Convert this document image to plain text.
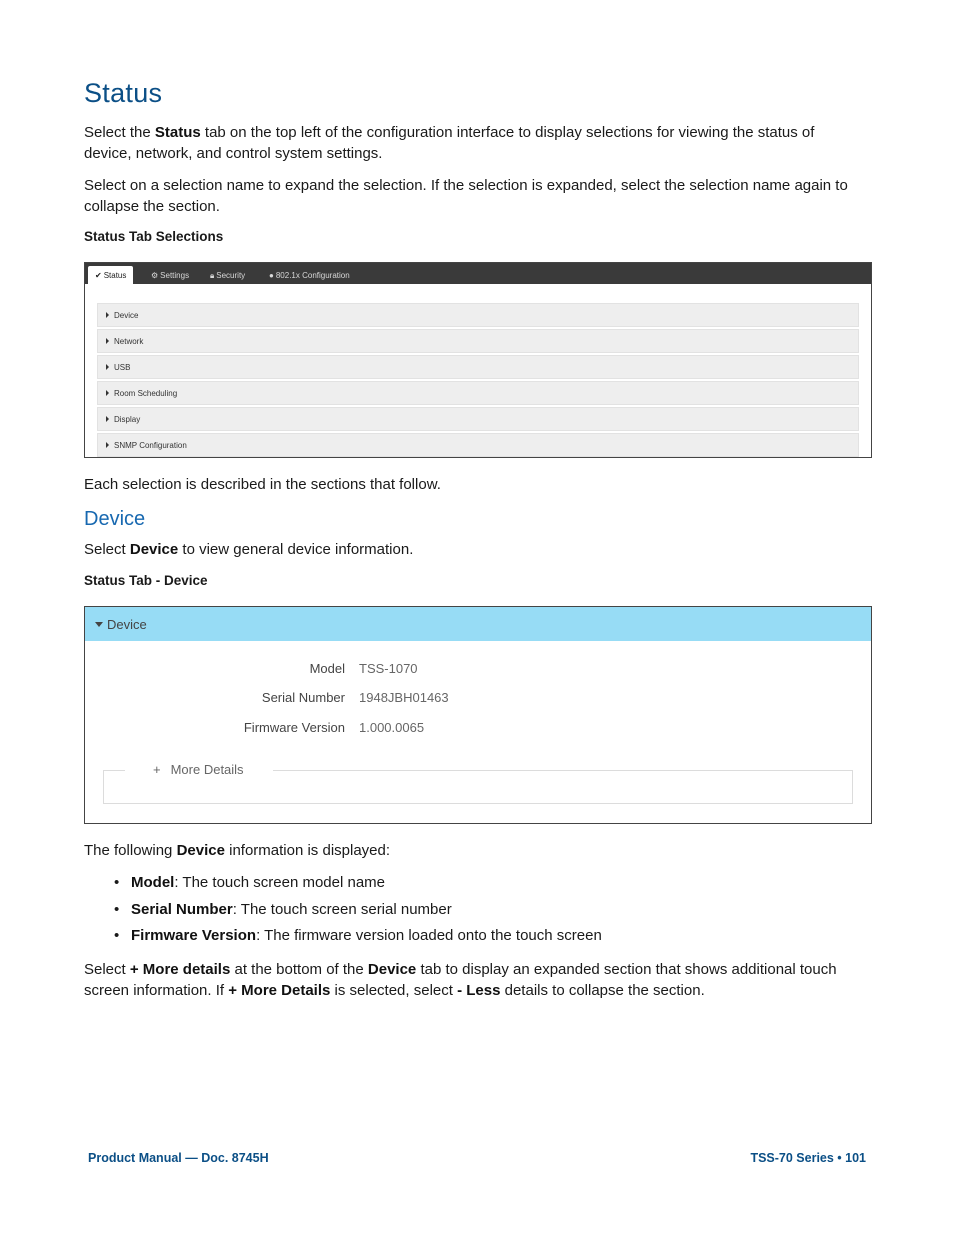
Status

Select the Status tab on the top left of the configuration interface to display selections for viewing the status of device, network, and control system settings.

Select on a selection name to expand the selection. If the selection is expanded, select the selection name again to collapse the section.

Status Tab Selections
✔ Status	⚙ Settings	🔒︎ Security	● 802.1x Configuration
Device
Network
USB
Room Scheduling
Display
SNMP Configuration

Each selection is described in the sections that follow.

Device

Select Device to view general device information.

Status Tab - Device
Device
Model TSS-1070
Serial Number 1948JBH01463
Firmware Version 1.000.0065
+ More Details

The following Device information is displayed:

• Model: The touch screen model name
• Serial Number: The touch screen serial number
• Firmware Version: The firmware version loaded onto the touch screen

Select + More details at the bottom of the Device tab to display an expanded section that shows additional touch screen information. If + More Details is selected, select - Less details to collapse the section.

Product Manual — Doc. 8745H	TSS-70 Series • 101
